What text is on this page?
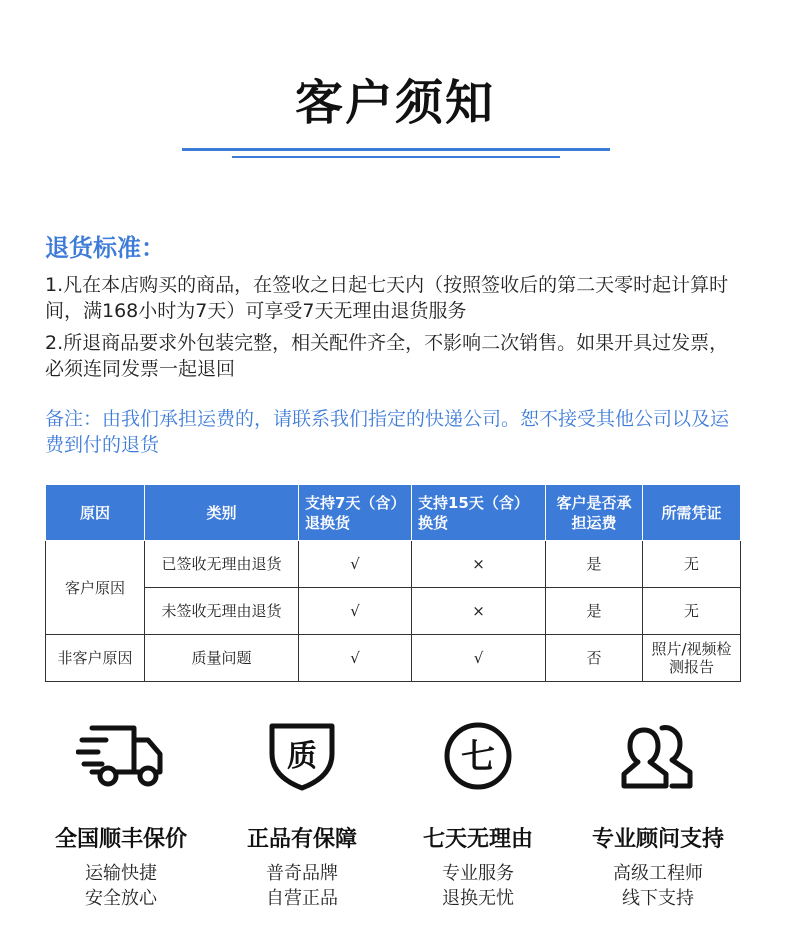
客户须知
退货标准：
1.凡在本店购买的商品，在签收之日起七天内（按照签收后的第二天零时起计算时间，满168小时为7天）可享受7天无理由退货服务
2.所退商品要求外包装完整，相关配件齐全，不影响二次销售。如果开具过发票，必须连同发票一起退回
备注：由我们承担运费的，请联系我们指定的快递公司。恕不接受其他公司以及运费到付的退货
原因	类别	支持7天（含）退换货	支持15天（含）换货	客户是否承担运费	所需凭证
客户原因	已签收无理由退货	√	×	是	无
	未签收无理由退货	√	×	是	无
非客户原因	质量问题	√	√	否	照片/视频检测报告
全国顺丰保价
运输快捷
安全放心
质
正品有保障
普奇品牌
自营正品
七
七天无理由
专业服务
退换无忧
专业顾问支持
高级工程师
线下支持
